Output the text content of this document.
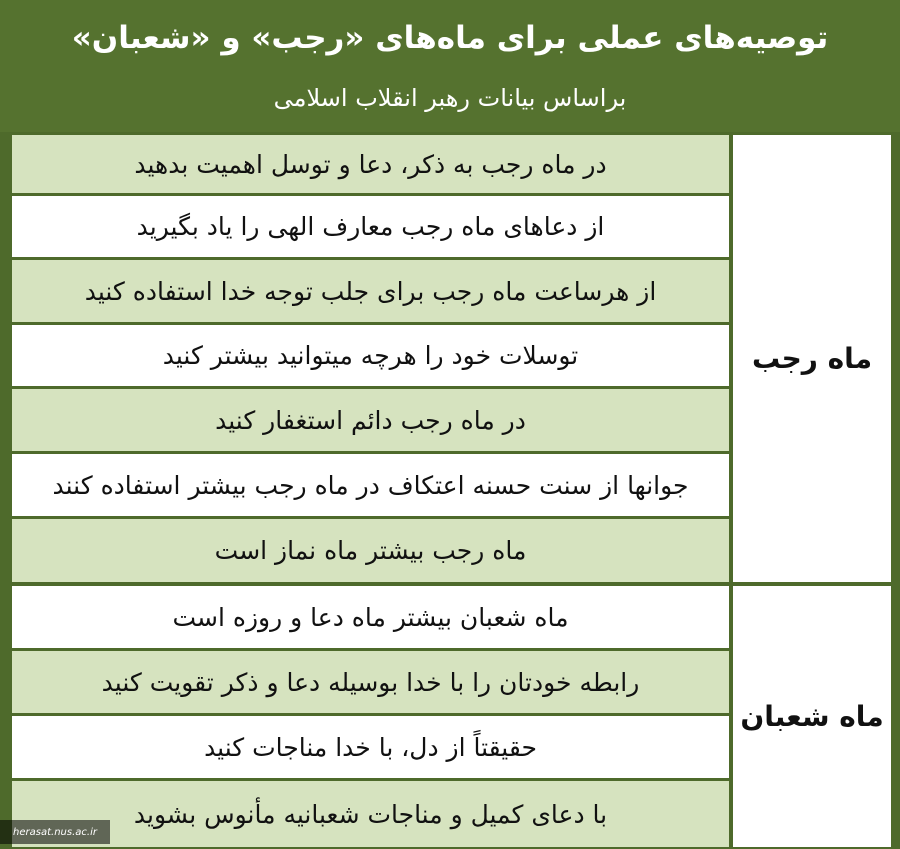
توصیه‌های عملی برای ماه‌های «رجب» و «شعبان»
براساس بیانات رهبر انقلاب اسلامی
در ماه رجب به ذکر، دعا و توسل اهمیت بدهید
از دعاهای ماه رجب معارف الهی را یاد بگیرید
از هرساعت ماه رجب برای جلب توجه خدا استفاده کنید
توسلات خود را هرچه میتوانید بیشتر کنید
در ماه رجب دائم استغفار کنید
جوانها از سنت حسنه اعتکاف در ماه رجب بیشتر استفاده کنند
ماه رجب بیشتر ماه نماز است
ماه رجب
ماه شعبان بیشتر ماه دعا و روزه است
رابطه خودتان را با خدا بوسیله دعا و ذکر تقویت کنید
حقیقتاً از دل، با خدا مناجات کنید
با دعای کمیل و مناجات شعبانیه مأنوس بشوید
ماه شعبان
herasat.nus.ac.ir
